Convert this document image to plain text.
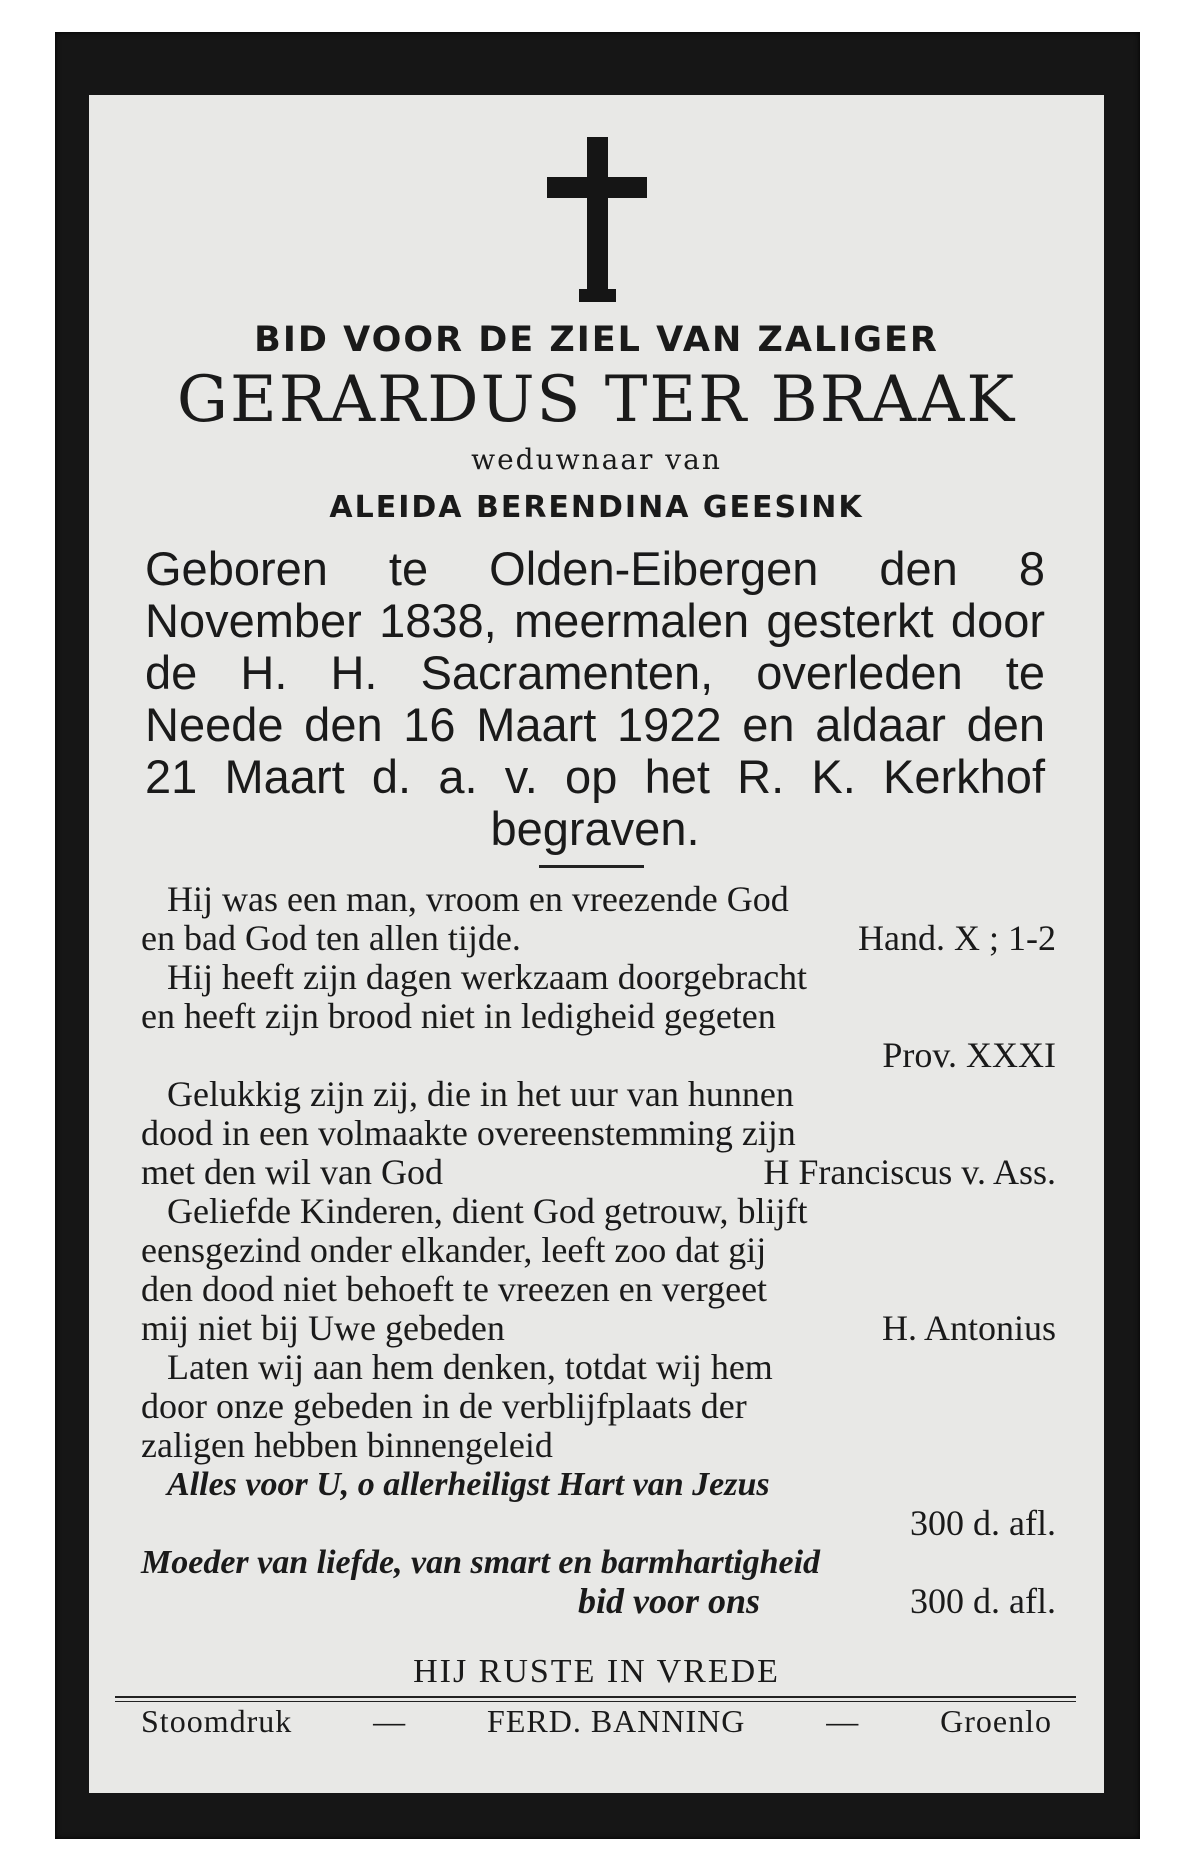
BID VOOR DE ZIEL VAN ZALIGER
GERARDUS TER BRAAK
weduwnaar van
ALEIDA BERENDINA GEESINK
Geboren te Olden-Eibergen den 8 November 1838, meermalen gesterkt door de H. H. Sacramenten, overleden te Neede den 16 Maart 1922 en aldaar den 21 Maart d. a. v. op het R. K. Kerkhof begraven.
Hij was een man, vroom en vreezende God
en bad God ten allen tijde.	Hand. X ; 1-2
Hij heeft zijn dagen werkzaam doorgebracht
en heeft zijn brood niet in ledigheid gegeten
Prov. XXXI
Gelukkig zijn zij, die in het uur van hunnen
dood in een volmaakte overeenstemming zijn
met den wil van God	H Franciscus v. Ass.
Geliefde Kinderen, dient God getrouw, blijft
eensgezind onder elkander, leeft zoo dat gij
den dood niet behoeft te vreezen en vergeet
mij niet bij Uwe gebeden	H. Antonius
Laten wij aan hem denken, totdat wij hem
door onze gebeden in de verblijfplaats der
zaligen hebben binnengeleid
Alles voor U, o allerheiligst Hart van Jezus
300 d. afl.
Moeder van liefde, van smart en barmhartigheid
bid voor ons	300 d. afl.
HIJ RUSTE IN VREDE
Stoomdruk	—	FERD. BANNING	—	Groenlo
